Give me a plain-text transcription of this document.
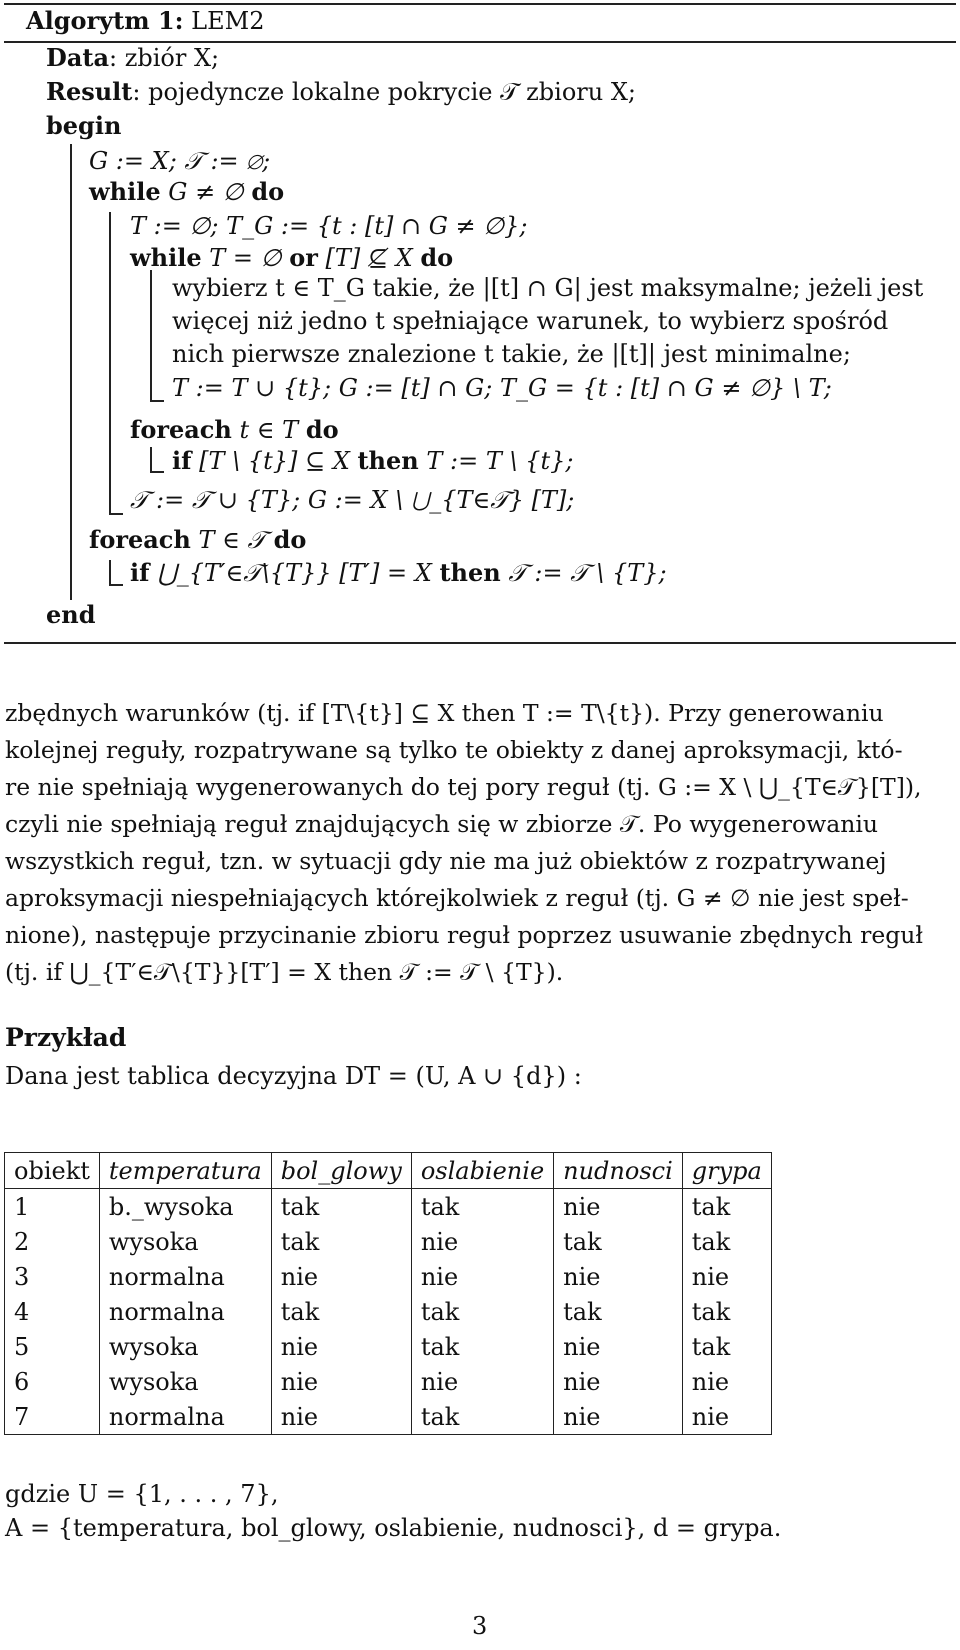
Algorytm 1: LEM2
Data: zbiór X;
Result: pojedyncze lokalne pokrycie 𝒯 zbioru X;
begin
G := X; 𝒯 := ∅;
while G ≠ ∅ do
T := ∅; T_G := {t : [t] ∩ G ≠ ∅};
while T = ∅ or [T] ⊈ X do
wybierz t ∈ T_G takie, że |[t] ∩ G| jest maksymalne; jeżeli jest
więcej niż jedno t spełniające warunek, to wybierz spośród
nich pierwsze znalezione t takie, że |[t]| jest minimalne;
T := T ∪ {t}; G := [t] ∩ G; T_G = {t : [t] ∩ G ≠ ∅} \ T;
foreach t ∈ T do
if [T \ {t}] ⊆ X then T := T \ {t};
𝒯 := 𝒯 ∪ {T}; G := X \ ⋃_{T∈𝒯} [T];
foreach T ∈ 𝒯 do
if ⋃_{T′∈𝒯\{T}} [T′] = X then 𝒯 := 𝒯 \ {T};
end
zbędnych warunków (tj. if [T\{t}] ⊆ X then T := T\{t}). Przy generowaniu
kolejnej reguły, rozpatrywane są tylko te obiekty z danej aproksymacji, któ-
re nie spełniają wygenerowanych do tej pory reguł (tj. G := X \ ⋃_{T∈𝒯}[T]),
czyli nie spełniają reguł znajdujących się w zbiorze 𝒯. Po wygenerowaniu
wszystkich reguł, tzn. w sytuacji gdy nie ma już obiektów z rozpatrywanej
aproksymacji niespełniających którejkolwiek z reguł (tj. G ≠ ∅ nie jest speł-
nione), następuje przycinanie zbioru reguł poprzez usuwanie zbędnych reguł
(tj. if ⋃_{T′∈𝒯\{T}}[T′] = X then 𝒯 := 𝒯 \ {T}).
Przykład
Dana jest tablica decyzyjna DT = (U, A ∪ {d}) :
obiekt	temperatura	bol_glowy	oslabienie	nudnosci	grypa
1	b._wysoka	tak	tak	nie	tak
2	wysoka	tak	nie	tak	tak
3	normalna	nie	nie	nie	nie
4	normalna	tak	tak	tak	tak
5	wysoka	nie	tak	nie	tak
6	wysoka	nie	nie	nie	nie
7	normalna	nie	tak	nie	nie
gdzie U = {1, . . . , 7},
A = {temperatura, bol_glowy, oslabienie, nudnosci}, d = grypa.
3
